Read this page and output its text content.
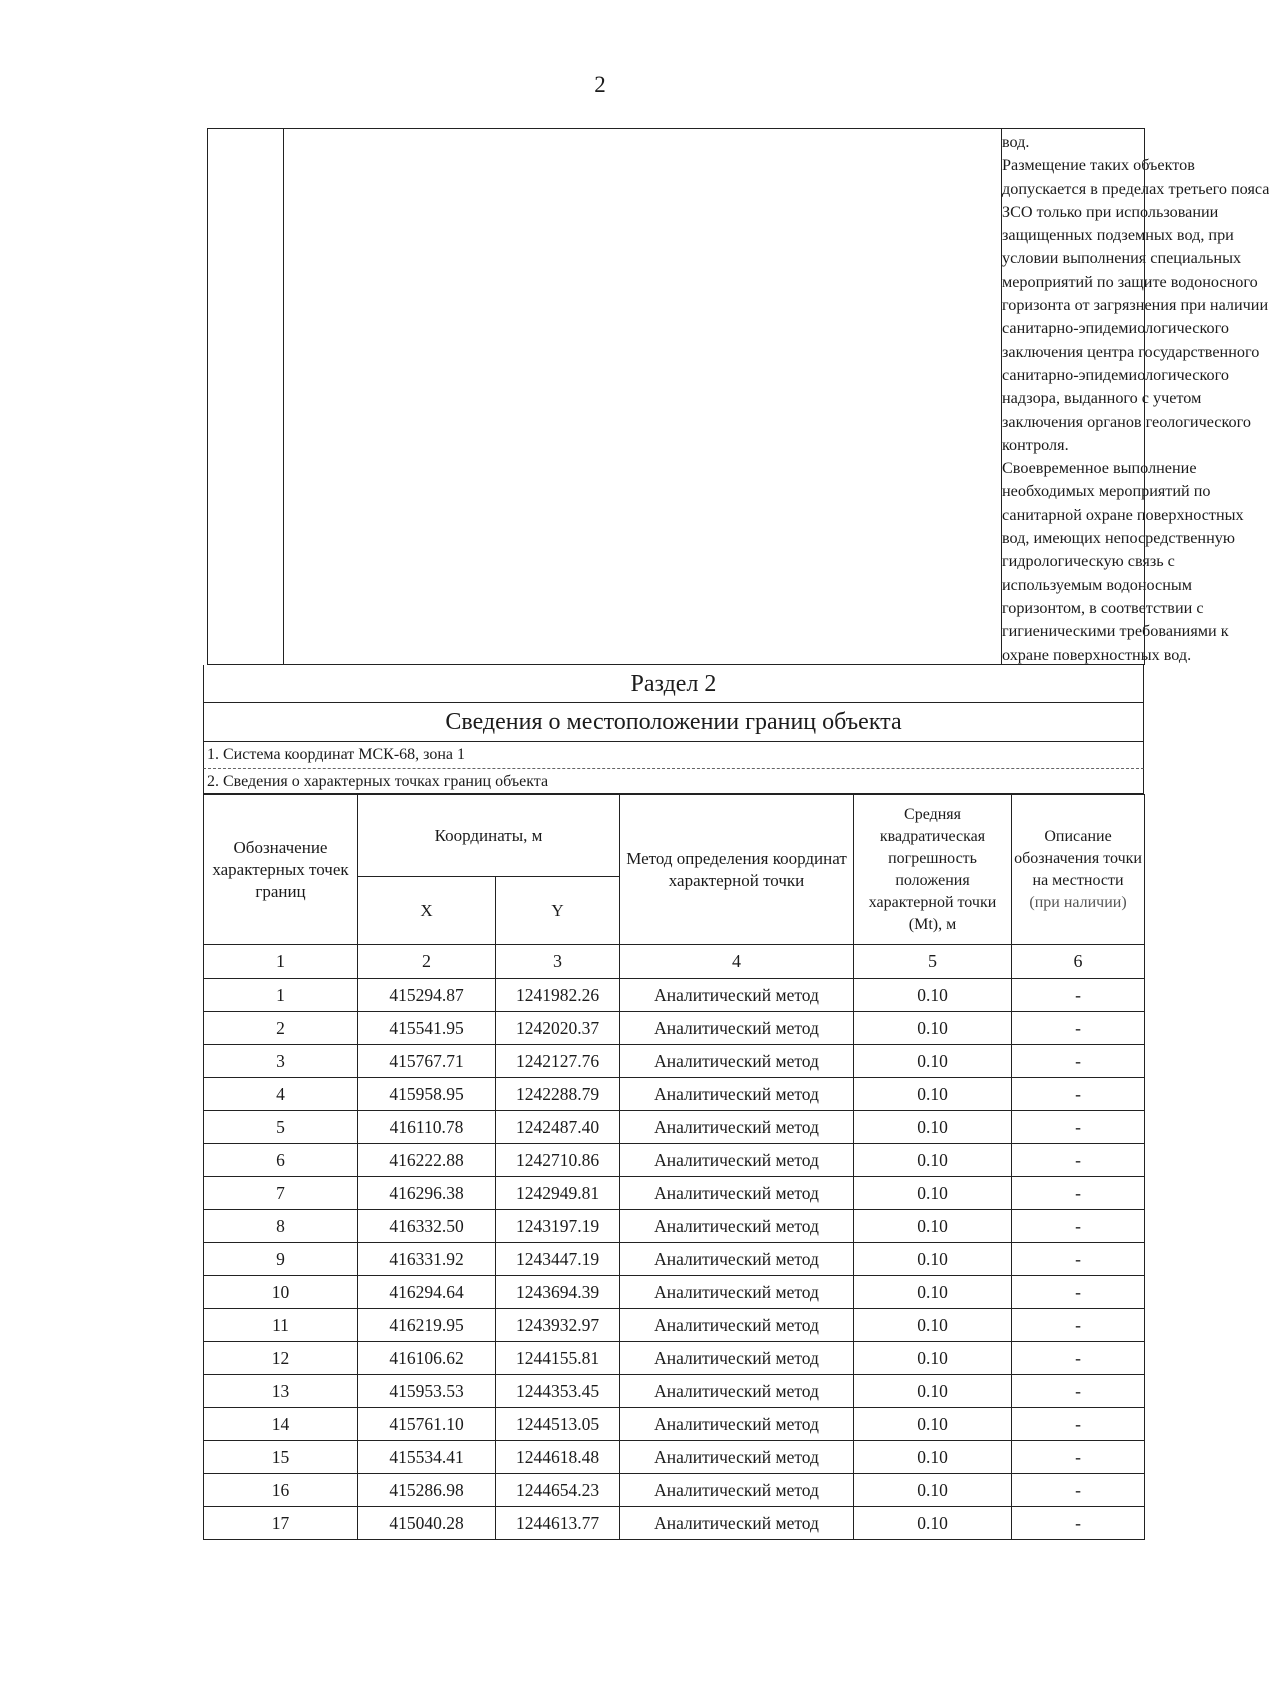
2
вод.
Размещение таких объектов
допускается в пределах третьего пояса
ЗСО только при использовании
защищенных подземных вод, при
условии выполнения специальных
мероприятий по защите водоносного
горизонта от загрязнения при наличии
санитарно-эпидемиологического
заключения центра государственного
санитарно-эпидемиологического
надзора, выданного с учетом
заключения органов геологического
контроля.
Своевременное выполнение
необходимых мероприятий по
санитарной охране поверхностных
вод, имеющих непосредственную
гидрологическую связь с
используемым водоносным
горизонтом, в соответствии с
гигиеническими требованиями к
охране поверхностных вод.
Раздел 2
Сведения о местоположении границ объекта
1. Система координат МСК-68, зона 1
2. Сведения о характерных точках границ объекта
Обозначение характерных точек границ	Координаты, м		Метод определения координат характерной точки	Средняя квадратическая погрешность положения характерной точки (Mt), м	Описание обозначения точки на местности
(при наличии)
	X	Y			
1	2	3	4	5	6
1	415294.87	1241982.26	Аналитический метод	0.10	-
2	415541.95	1242020.37	Аналитический метод	0.10	-
3	415767.71	1242127.76	Аналитический метод	0.10	-
4	415958.95	1242288.79	Аналитический метод	0.10	-
5	416110.78	1242487.40	Аналитический метод	0.10	-
6	416222.88	1242710.86	Аналитический метод	0.10	-
7	416296.38	1242949.81	Аналитический метод	0.10	-
8	416332.50	1243197.19	Аналитический метод	0.10	-
9	416331.92	1243447.19	Аналитический метод	0.10	-
10	416294.64	1243694.39	Аналитический метод	0.10	-
11	416219.95	1243932.97	Аналитический метод	0.10	-
12	416106.62	1244155.81	Аналитический метод	0.10	-
13	415953.53	1244353.45	Аналитический метод	0.10	-
14	415761.10	1244513.05	Аналитический метод	0.10	-
15	415534.41	1244618.48	Аналитический метод	0.10	-
16	415286.98	1244654.23	Аналитический метод	0.10	-
17	415040.28	1244613.77	Аналитический метод	0.10	-
